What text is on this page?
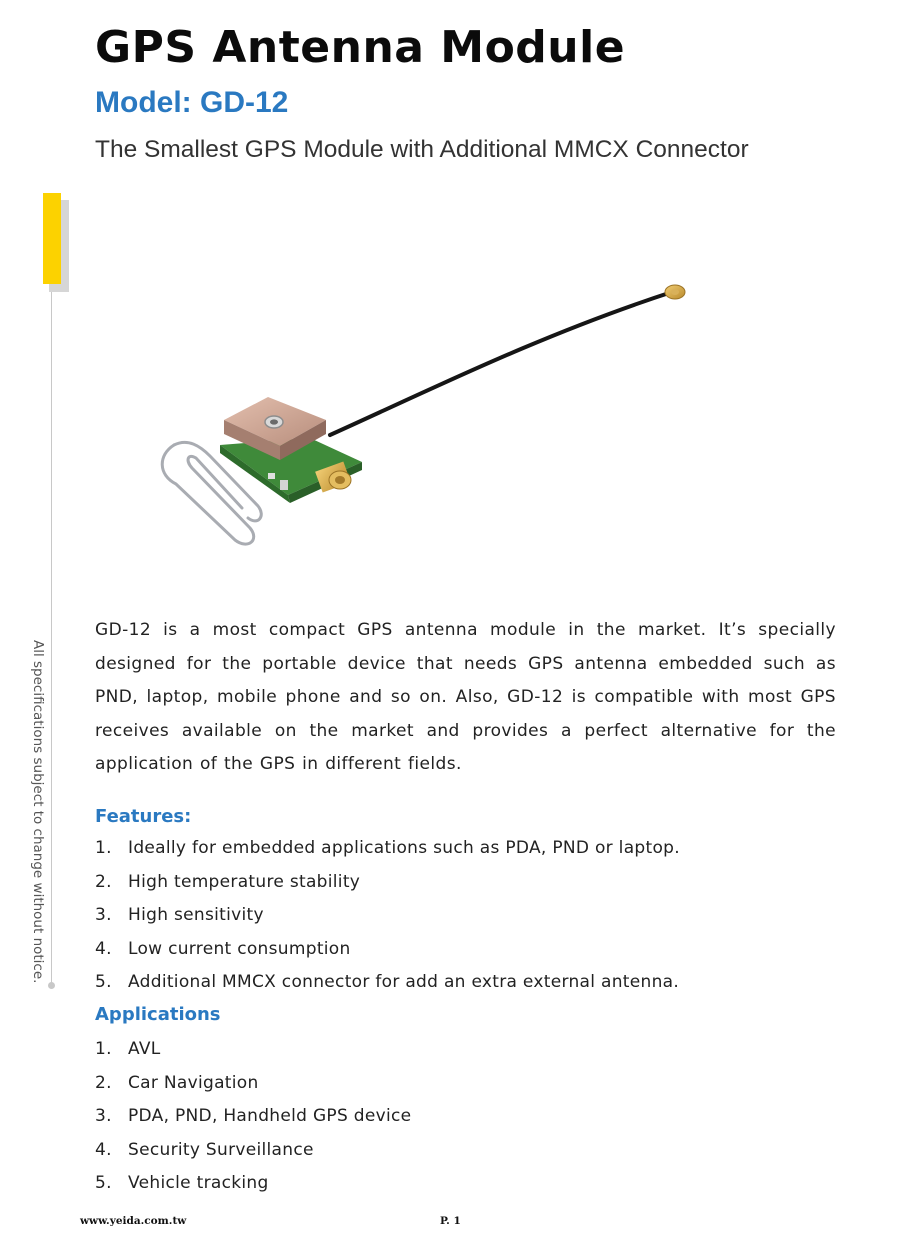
GPS Antenna Module
Model: GD-12
The Smallest GPS Module with Additional MMCX Connector
All specifications subject to change without notice.

GD-12 is a most compact GPS antenna module in the market. It’s specially designed for the portable device that needs GPS antenna embedded such as PND, laptop, mobile phone and so on. Also, GD-12 is compatible with most GPS receives available on the market and provides a perfect alternative for the application of the GPS in different fields.

Features:
1. Ideally for embedded applications such as PDA, PND or laptop.
2. High temperature stability
3. High sensitivity
4. Low current consumption
5. Additional MMCX connector for add an extra external antenna.
Applications
1. AVL
2. Car Navigation
3. PDA, PND, Handheld GPS device
4. Security Surveillance
5. Vehicle tracking
www.yeida.com.tw	P. 1
